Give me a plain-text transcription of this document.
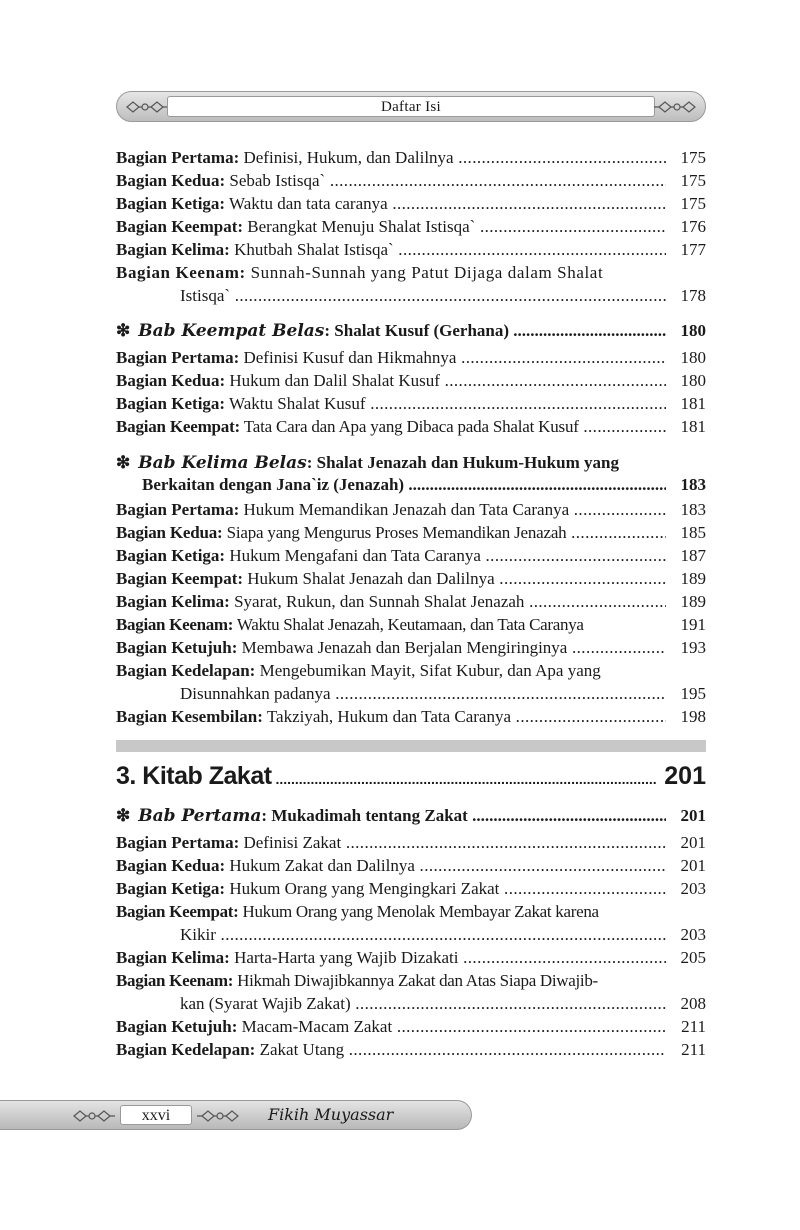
Daftar Isi
Bagian Pertama: Definisi, Hukum, dan Dalilnya .....	175
Bagian Kedua: Sebab Istisqa` .....	175
Bagian Ketiga: Waktu dan tata caranya .....	175
Bagian Keempat: Berangkat Menuju Shalat Istisqa` .....	176
Bagian Kelima: Khutbah Shalat Istisqa` .....	177
Bagian Keenam: Sunnah-Sunnah yang Patut Dijaga dalam Shalat
Istisqa` .....	178
❇ Bab Keempat Belas: Shalat Kusuf (Gerhana) .....	180
Bagian Pertama: Definisi Kusuf dan Hikmahnya .....	180
Bagian Kedua: Hukum dan Dalil Shalat Kusuf .....	180
Bagian Ketiga: Waktu Shalat Kusuf .....	181
Bagian Keempat: Tata Cara dan Apa yang Dibaca pada Shalat Kusuf .....	181
❇ Bab Kelima Belas: Shalat Jenazah dan Hukum-Hukum yang
Berkaitan dengan Jana`iz (Jenazah) .....	183
Bagian Pertama: Hukum Memandikan Jenazah dan Tata Caranya .....	183
Bagian Kedua: Siapa yang Mengurus Proses Memandikan Jenazah .....	185
Bagian Ketiga: Hukum Mengafani dan Tata Caranya .....	187
Bagian Keempat: Hukum Shalat Jenazah dan Dalilnya .....	189
Bagian Kelima: Syarat, Rukun, dan Sunnah Shalat Jenazah .....	189
Bagian Keenam: Waktu Shalat Jenazah, Keutamaan, dan Tata Caranya	191
Bagian Ketujuh: Membawa Jenazah dan Berjalan Mengiringinya .....	193
Bagian Kedelapan: Mengebumikan Mayit, Sifat Kubur, dan Apa yang
Disunnahkan padanya .....	195
Bagian Kesembilan: Takziyah, Hukum dan Tata Caranya .....	198
3. Kitab Zakat .....	201
❇ Bab Pertama: Mukadimah tentang Zakat .....	201
Bagian Pertama: Definisi Zakat .....	201
Bagian Kedua: Hukum Zakat dan Dalilnya .....	201
Bagian Ketiga: Hukum Orang yang Mengingkari Zakat .....	203
Bagian Keempat: Hukum Orang yang Menolak Membayar Zakat karena
Kikir .....	203
Bagian Kelima: Harta-Harta yang Wajib Dizakati .....	205
Bagian Keenam: Hikmah Diwajibkannya Zakat dan Atas Siapa Diwajib-
kan (Syarat Wajib Zakat) .....	208
Bagian Ketujuh: Macam-Macam Zakat .....	211
Bagian Kedelapan: Zakat Utang .....	211
xxvi	Fikih Muyassar
